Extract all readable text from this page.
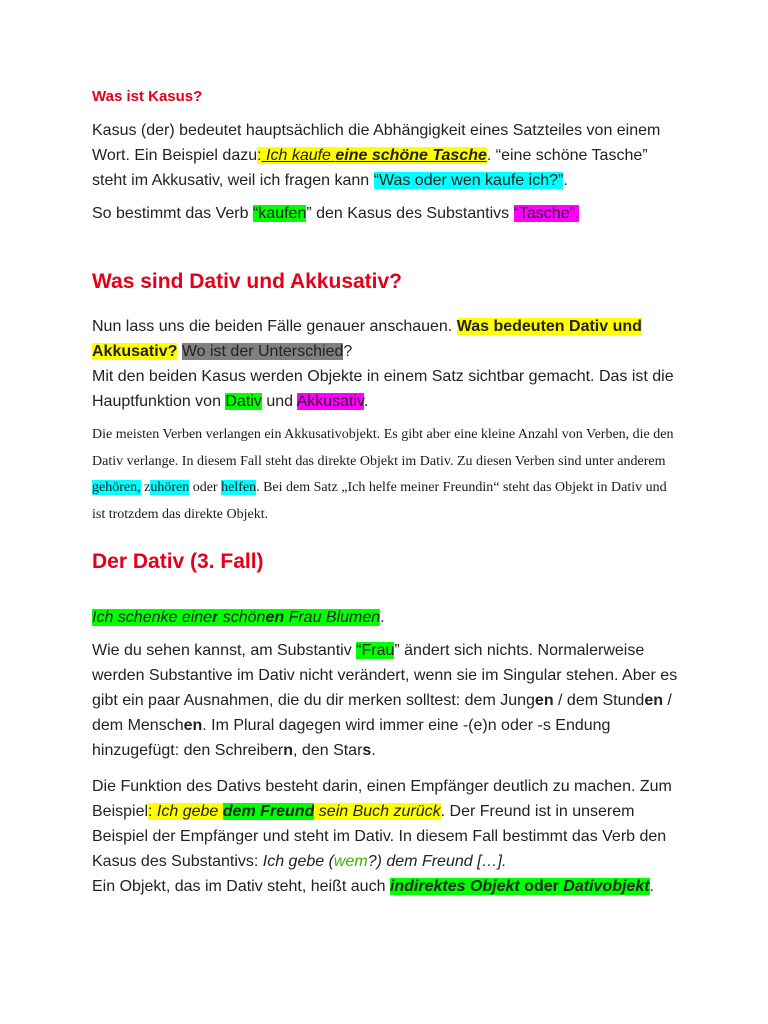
Was ist Kasus?

Kasus (der) bedeutet hauptsächlich die Abhängigkeit eines Satzteiles von einem Wort. Ein Beispiel dazu: Ich kaufe eine schöne Tasche. “eine schöne Tasche” steht im Akkusativ, weil ich fragen kann “Was oder wen kaufe ich?”.

So bestimmt das Verb “kaufen” den Kasus des Substantivs “Tasche”.

Was sind Dativ und Akkusativ?

Nun lass uns die beiden Fälle genauer anschauen. Was bedeuten Dativ und Akkusativ? Wo ist der Unterschied?
Mit den beiden Kasus werden Objekte in einem Satz sichtbar gemacht. Das ist die Hauptfunktion von Dativ und Akkusativ.

Die meisten Verben verlangen ein Akkusativobjekt. Es gibt aber eine kleine Anzahl von Verben, die den Dativ verlange. In diesem Fall steht das direkte Objekt im Dativ. Zu diesen Verben sind unter anderem gehören, zuhören oder helfen. Bei dem Satz „Ich helfe meiner Freundin“ steht das Objekt in Dativ und ist trotzdem das direkte Objekt.

Der Dativ (3. Fall)

Ich schenke einer schönen Frau Blumen.

Wie du sehen kannst, am Substantiv “Frau” ändert sich nichts. Normalerweise werden Substantive im Dativ nicht verändert, wenn sie im Singular stehen. Aber es gibt ein paar Ausnahmen, die du dir merken solltest: dem Jungen / dem Stunden / dem Menschen. Im Plural dagegen wird immer eine -(e)n oder -s Endung hinzugefügt: den Schreibern, den Stars.

Die Funktion des Dativs besteht darin, einen Empfänger deutlich zu machen. Zum Beispiel: Ich gebe dem Freund sein Buch zurück. Der Freund ist in unserem Beispiel der Empfänger und steht im Dativ. In diesem Fall bestimmt das Verb den Kasus des Substantivs: Ich gebe (wem?) dem Freund […].
Ein Objekt, das im Dativ steht, heißt auch indirektes Objekt oder Dativobjekt.
